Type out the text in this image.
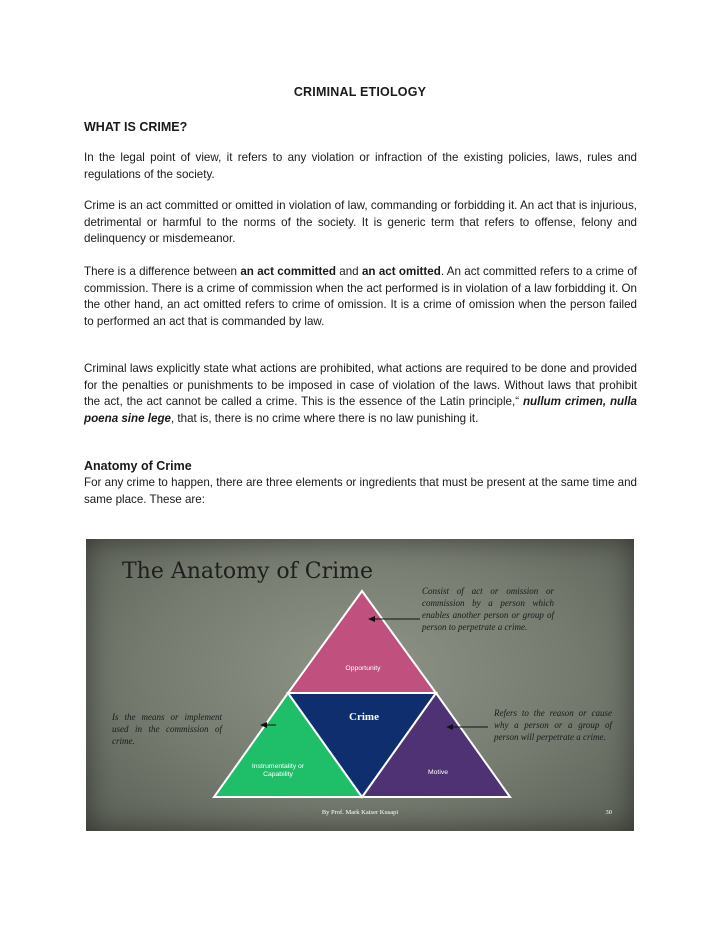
CRIMINAL ETIOLOGY
WHAT IS CRIME?

In the legal point of view, it refers to any violation or infraction of the existing policies, laws, rules and regulations of the society.

Crime is an act committed or omitted in violation of law, commanding or forbidding it. An act that is injurious, detrimental or harmful to the norms of the society. It is generic term that refers to offense, felony and delinquency or misdemeanor.

There is a difference between an act committed and an act omitted. An act committed refers to a crime of commission. There is a crime of commission when the act performed is in violation of a law forbidding it. On the other hand, an act omitted refers to crime of omission. It is a crime of omission when the person failed to performed an act that is commanded by law.

Criminal laws explicitly state what actions are prohibited, what actions are required to be done and provided for the penalties or punishments to be imposed in case of violation of the laws. Without laws that prohibit the act, the act cannot be called a crime. This is the essence of the Latin principle,“ nullum crimen, nulla poena sine lege, that is, there is no crime where there is no law punishing it.

Anatomy of Crime

For any crime to happen, there are three elements or ingredients that must be present at the same time and same place. These are:

The Anatomy of Crime
Consist of act or omission or commission by a person which enables another person or group of person to perpetrate a crime.
Is the means or implement used in the commission of crime.
Refers to the reason or cause why a person or a group of person will perpetrate a crime.
Opportunity
Crime
Instrumentality or Capability	Motive
By Prof. Mark Kaiser Kusapi	30
